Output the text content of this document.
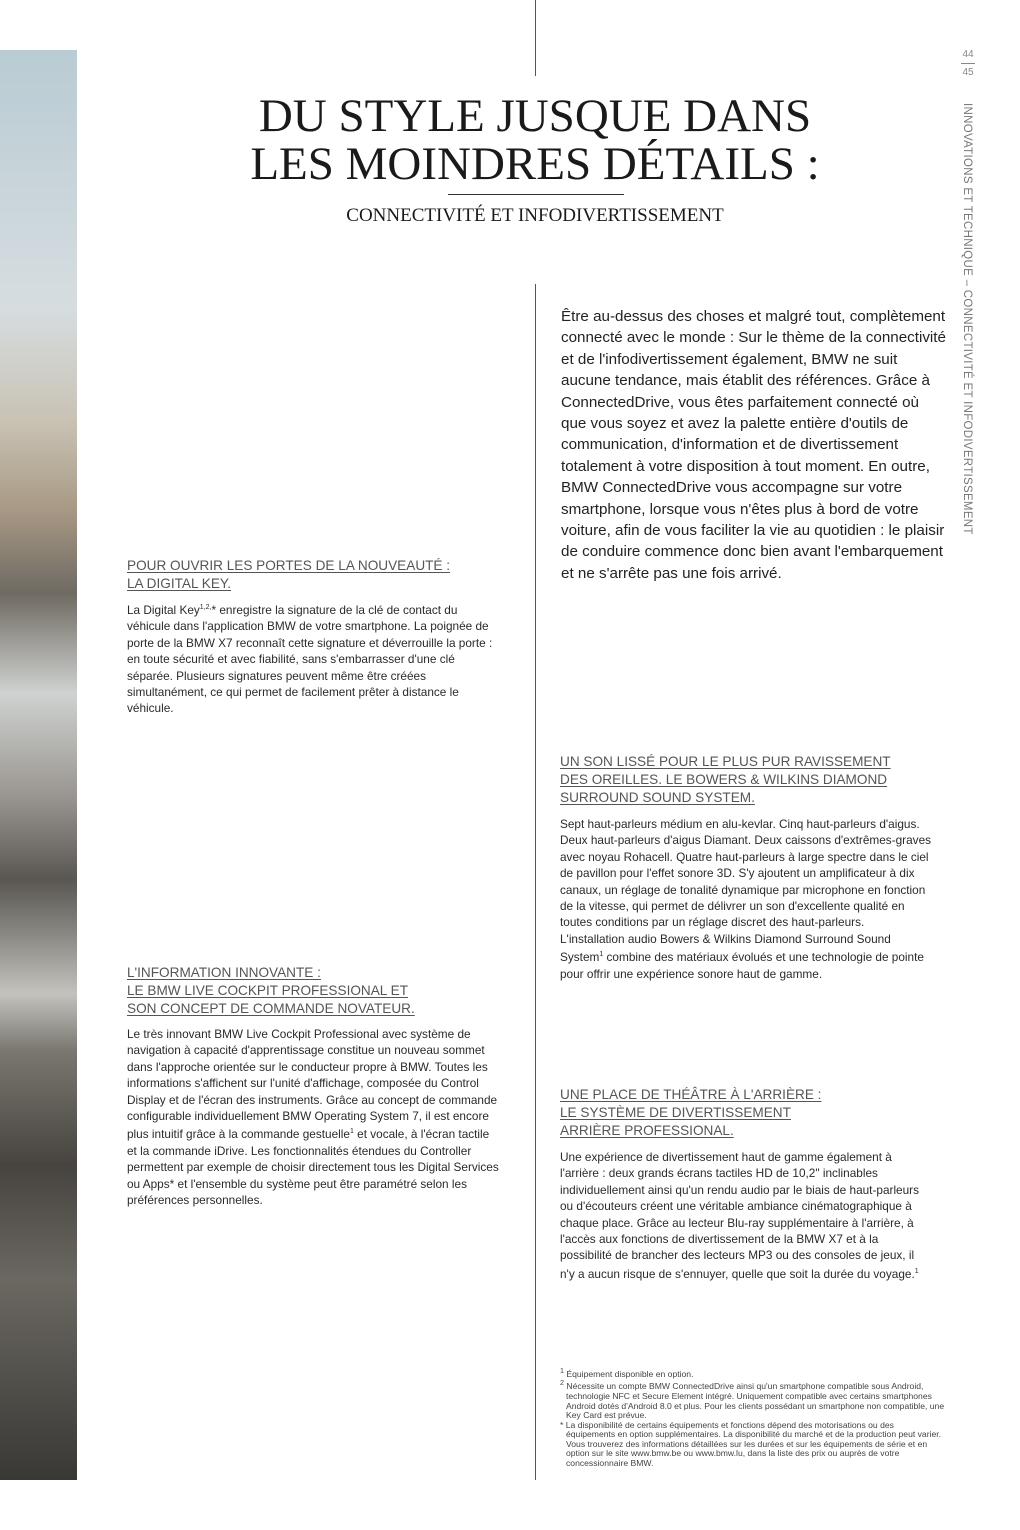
44
45
INNOVATIONS ET TECHNIQUE – CONNECTIVITÉ ET INFODIVERTISSEMENT
DU STYLE JUSQUE DANS
LES MOINDRES DÉTAILS :
CONNECTIVITÉ ET INFODIVERTISSEMENT

Être au-dessus des choses et malgré tout, complètement connecté avec le monde : Sur le thème de la connectivité et de l'infodivertissement également, BMW ne suit aucune tendance, mais établit des références. Grâce à ConnectedDrive, vous êtes parfaitement connecté où que vous soyez et avez la palette entière d'outils de communication, d'information et de divertissement totalement à votre disposition à tout moment. En outre, BMW ConnectedDrive vous accompagne sur votre smartphone, lorsque vous n'êtes plus à bord de votre voiture, afin de vous faciliter la vie au quotidien : le plaisir de conduire commence donc bien avant l'embarquement et ne s'arrête pas une fois arrivé.

POUR OUVRIR LES PORTES DE LA NOUVEAUTÉ :
LA DIGITAL KEY.

La Digital Key$^{1,2,}$* enregistre la signature de la clé de contact du véhicule dans l'application BMW de votre smartphone. La poignée de porte de la BMW X7 reconnaît cette signature et déverrouille la porte : en toute sécurité et avec fiabilité, sans s'embarrasser d'une clé séparée. Plusieurs signatures peuvent même être créées simultanément, ce qui permet de facilement prêter à distance le véhicule.

L'INFORMATION INNOVANTE :
LE BMW LIVE COCKPIT PROFESSIONAL ET
SON CONCEPT DE COMMANDE NOVATEUR.

Le très innovant BMW Live Cockpit Professional avec système de navigation à capacité d'apprentissage constitue un nouveau sommet dans l'approche orientée sur le conducteur propre à BMW. Toutes les informations s'affichent sur l'unité d'affichage, composée du Control Display et de l'écran des instruments. Grâce au concept de commande configurable individuellement BMW Operating System 7, il est encore plus intuitif grâce à la commande gestuelle$^1$ et vocale, à l'écran tactile et la commande iDrive. Les fonctionnalités étendues du Controller permettent par exemple de choisir directement tous les Digital Services ou Apps* et l'ensemble du système peut être paramétré selon les préférences personnelles.

UN SON LISSÉ POUR LE PLUS PUR RAVISSEMENT
DES OREILLES. LE BOWERS & WILKINS DIAMOND
SURROUND SOUND SYSTEM.

Sept haut-parleurs médium en alu-kevlar. Cinq haut-parleurs d'aigus. Deux haut-parleurs d'aigus Diamant. Deux caissons d'extrêmes-graves avec noyau Rohacell. Quatre haut-parleurs à large spectre dans le ciel de pavillon pour l'effet sonore 3D. S'y ajoutent un amplificateur à dix canaux, un réglage de tonalité dynamique par microphone en fonction de la vitesse, qui permet de délivrer un son d'excellente qualité en toutes conditions par un réglage discret des haut-parleurs. L'installation audio Bowers & Wilkins Diamond Surround Sound System$^1$ combine des matériaux évolués et une technologie de pointe pour offrir une expérience sonore haut de gamme.

UNE PLACE DE THÉÂTRE À L'ARRIÈRE :
LE SYSTÈME DE DIVERTISSEMENT
ARRIÈRE PROFESSIONAL.

Une expérience de divertissement haut de gamme également à l'arrière : deux grands écrans tactiles HD de 10,2" inclinables individuellement ainsi qu'un rendu audio par le biais de haut-parleurs ou d'écouteurs créent une véritable ambiance cinématographique à chaque place. Grâce au lecteur Blu-ray supplémentaire à l'arrière, à l'accès aux fonctions de divertissement de la BMW X7 et à la possibilité de brancher des lecteurs MP3 ou des consoles de jeux, il n'y a aucun risque de s'ennuyer, quelle que soit la durée du voyage.$^1$

$^1$ Équipement disponible en option.

$^2$ Nécessite un compte BMW ConnectedDrive ainsi qu'un smartphone compatible sous Android, technologie NFC et Secure Element intégré. Uniquement compatible avec certains smartphones Android dotés d'Android 8.0 et plus. Pour les clients possédant un smartphone non compatible, une Key Card est prévue.

* La disponibilité de certains équipements et fonctions dépend des motorisations ou des équipements en option supplémentaires. La disponibilité du marché et de la production peut varier. Vous trouverez des informations détaillées sur les durées et sur les équipements de série et en option sur le site www.bmw.be ou www.bmw.lu, dans la liste des prix ou auprès de votre concessionnaire BMW.
